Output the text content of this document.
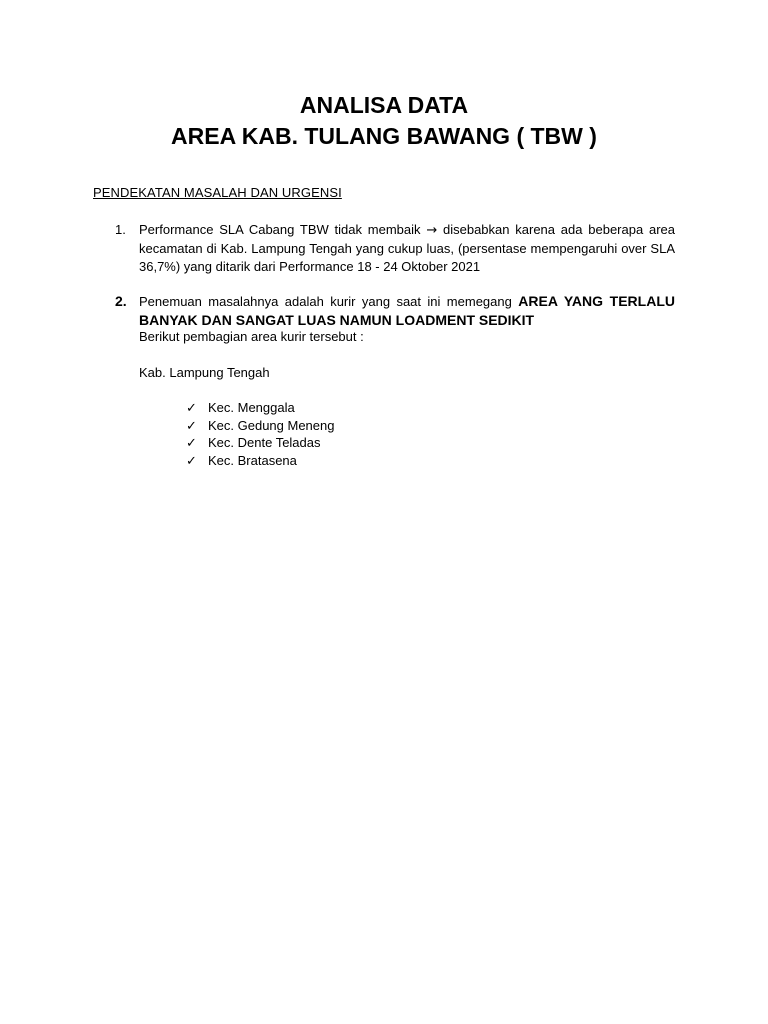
ANALISA DATA
AREA KAB. TULANG BAWANG ( TBW )
PENDEKATAN MASALAH DAN URGENSI
1.	Performance SLA Cabang TBW tidak membaik → disebabkan karena ada beberapa area kecamatan di Kab. Lampung Tengah yang cukup luas, (persentase mempengaruhi over SLA 36,7%) yang ditarik dari Performance 18 - 24 Oktober 2021
2. Penemuan masalahnya adalah kurir yang saat ini memegang AREA YANG TERLALU BANYAK DAN SANGAT LUAS NAMUN LOADMENT SEDIKIT
Berikut pembagian area kurir tersebut :
Kab. Lampung Tengah
✓ Kec. Menggala
✓ Kec. Gedung Meneng
✓ Kec. Dente Teladas
✓ Kec. Bratasena
